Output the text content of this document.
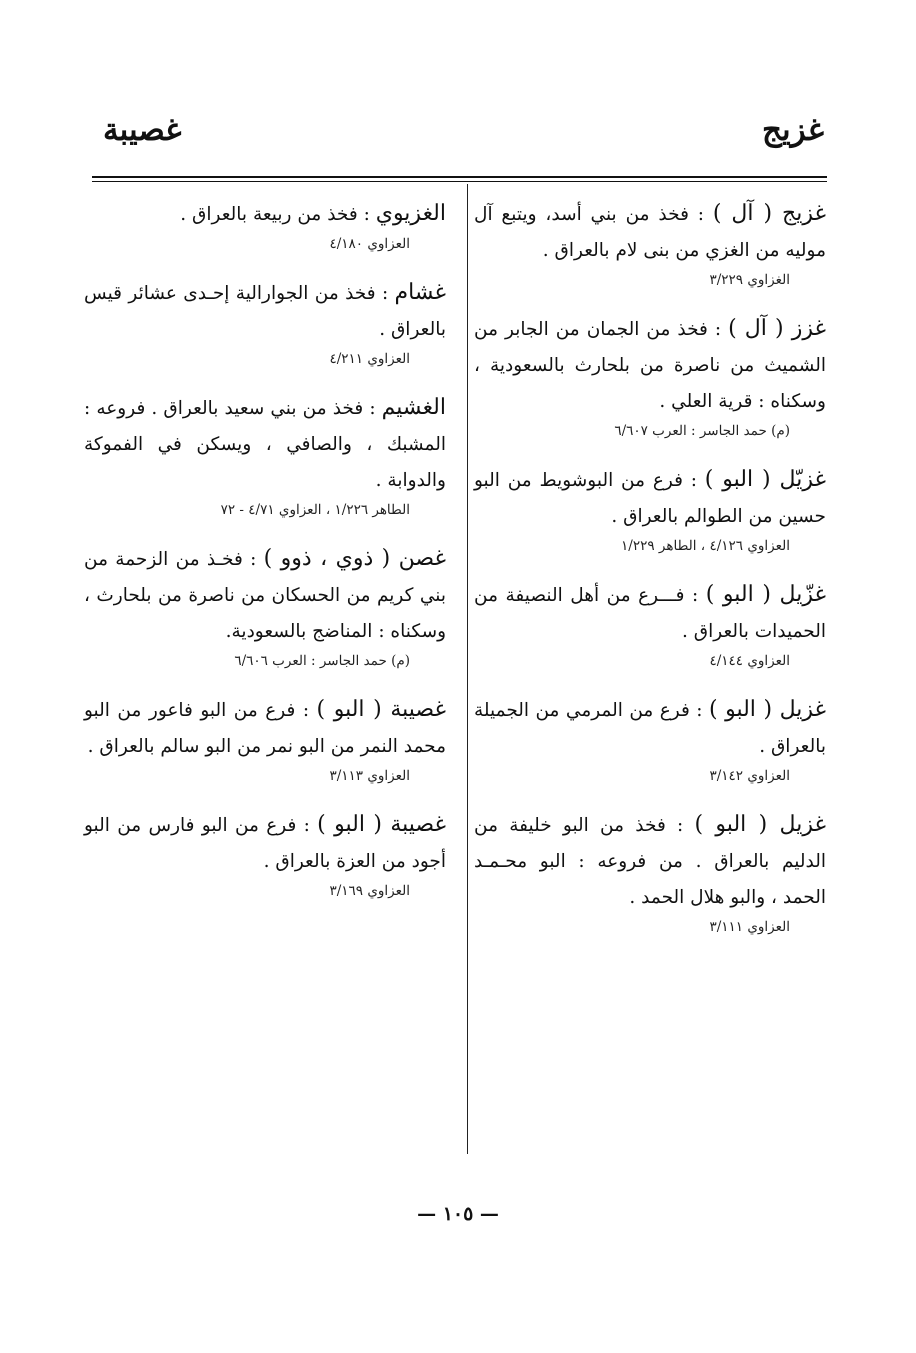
غزيج
غصيبة
غزيج ( آل ) : فخذ من بني أسد، ويتبع آل موليه من الغزي من بنى لام بالعراق .
الغزاوي ٣/٢٢٩
غزز ( آل ) : فخذ من الجمان من الجابر من الشميث من ناصرة من بلحارث بالسعودية ، وسكناه : قرية العلي .
(م) حمد الجاسر : العرب ٦/٦٠٧
غزيّل ( البو ) : فرع من البوشويط من البو حسين من الطوالم بالعراق .
العزاوي ٤/١٢٦ ، الطاهر ١/٢٢٩
غزّيل ( البو ) : فـــرع من أهل النصيفة من الحميدات بالعراق .
العزاوي ٤/١٤٤
غزيل ( البو ) : فرع من المرمي من الجميلة بالعراق .
العزاوي ٣/١٤٢
غزيل ( البو ) : فخذ من البو خليفة من الدليم بالعراق . من فروعه : البو محـمـد الحمد ، والبو هلال الحمد .
العزاوي ٣/١١١
الغزيوي : فخذ من ربيعة بالعراق .
العزاوي ٤/١٨٠
غشام : فخذ من الجوارالية إحـدى عشائر قيس بالعراق .
العزاوي ٤/٢١١
الغشيم : فخذ من بني سعيد بالعراق . فروعه : المشبك ، والصافي ، ويسكن في الفموكة والدوابة .
الطاهر ١/٢٢٦ ، العزاوي ٤/٧١ - ٧٢
غصن ( ذوي ، ذوو ) : فخـذ من الزحمة من بني كريم من الحسكان من ناصرة من بلحارث ، وسكناه : المناضج بالسعودية.
(م) حمد الجاسر : العرب ٦/٦٠٦
غصيبة ( البو ) : فرع من البو فاعور من البو محمد النمر من البو نمر من البو سالم بالعراق .
العزاوي ٣/١١٣
غصيبة ( البو ) : فرع من البو فارس من البو أجود من العزة بالعراق .
العزاوي ٣/١٦٩
— ١٠٥ —
